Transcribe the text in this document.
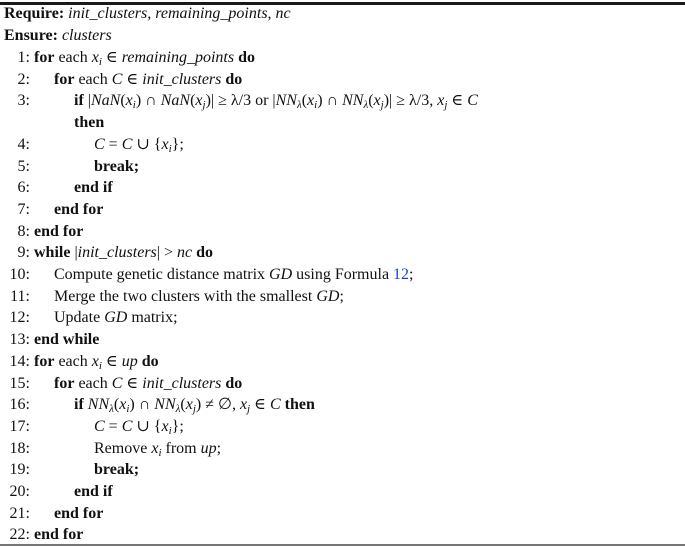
Require: init_clusters, remaining_points, nc
Ensure: clusters
1: for each $x_i$ ∈ remaining_points do
2: for each C ∈ init_clusters do
3:	if $|NaN(x_i)$ ∩ $NaN(x_j)| \ge \lambda/3$ or $|NN_\lambda(x_i)$ ∩ $NN_\lambda(x_j)| \ge \lambda/3$, $x_j$ ∈ C
then
4:	C = C ∪ $\{x_i\}$;
5:	break;
6:	end if
7: end for
8: end for
9: while |init_clusters| > nc do
10: Compute genetic distance matrix GD using Formula 12;
11: Merge the two clusters with the smallest GD;
12: Update GD matrix;
13: end while
14: for each $x_i$ ∈ up do
15: for each C ∈ init_clusters do
16:	if $NN_\lambda(x_i)$ ∩ $NN_\lambda(x_j)$ ≠ ∅, $x_j$ ∈ C then
17:	C = C ∪ $\{x_i\}$;
18:	Remove $x_i$ from up;
19:	break;
20:	end if
21: end for
22: end for
